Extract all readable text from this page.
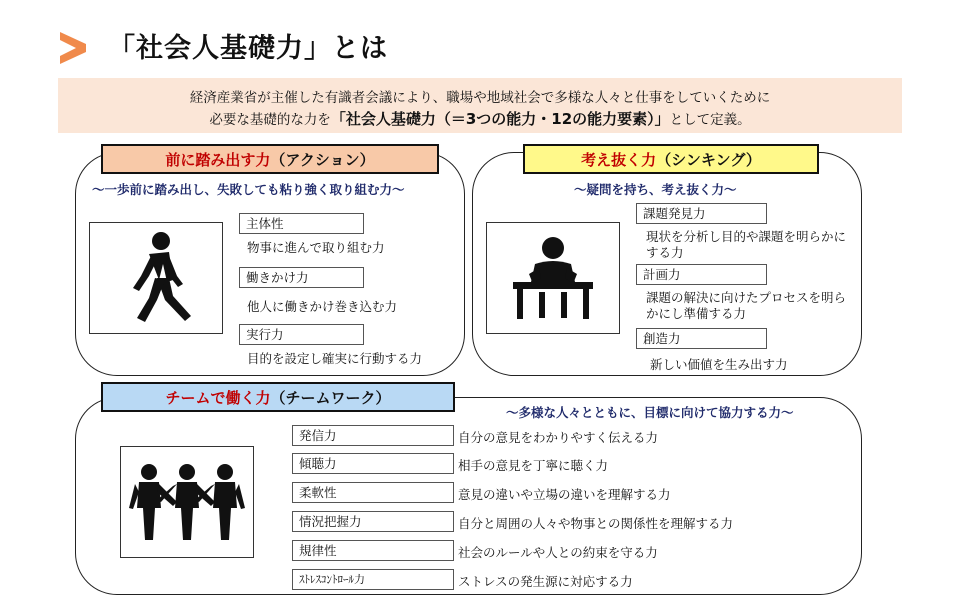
「社会人基礎力」とは
経済産業省が主催した有識者会議により、職場や地域社会で多様な人々と仕事をしていくために
必要な基礎的な力を「社会人基礎力（＝3つの能力・12の能力要素）」として定義。
前に踏み出す力 （アクション）	考え抜く力 （シンキング）
チームで働く力 （チームワーク）
～一歩前に踏み出し、失敗しても粘り強く取り組む力～	～疑問を持ち、考え抜く力～
～多様な人々とともに、目標に向けて協力する力～
主体性
物事に進んで取り組む力
働きかけ力
他人に働きかけ巻き込む力
実行力
目的を設定し確実に行動する力
課題発見力
現状を分析し目的や課題を明らかにする力
計画力
課題の解決に向けたプロセスを明らかにし準備する力
創造力
新しい価値を生み出す力
発信力	自分の意見をわかりやすく伝える力
傾聴力	相手の意見を丁寧に聴く力
柔軟性	意見の違いや立場の違いを理解する力
情況把握力	自分と周囲の人々や物事との関係性を理解する力
規律性	社会のルールや人との約束を守る力
ｽﾄﾚｽｺﾝﾄﾛｰﾙ力	ストレスの発生源に対応する力
